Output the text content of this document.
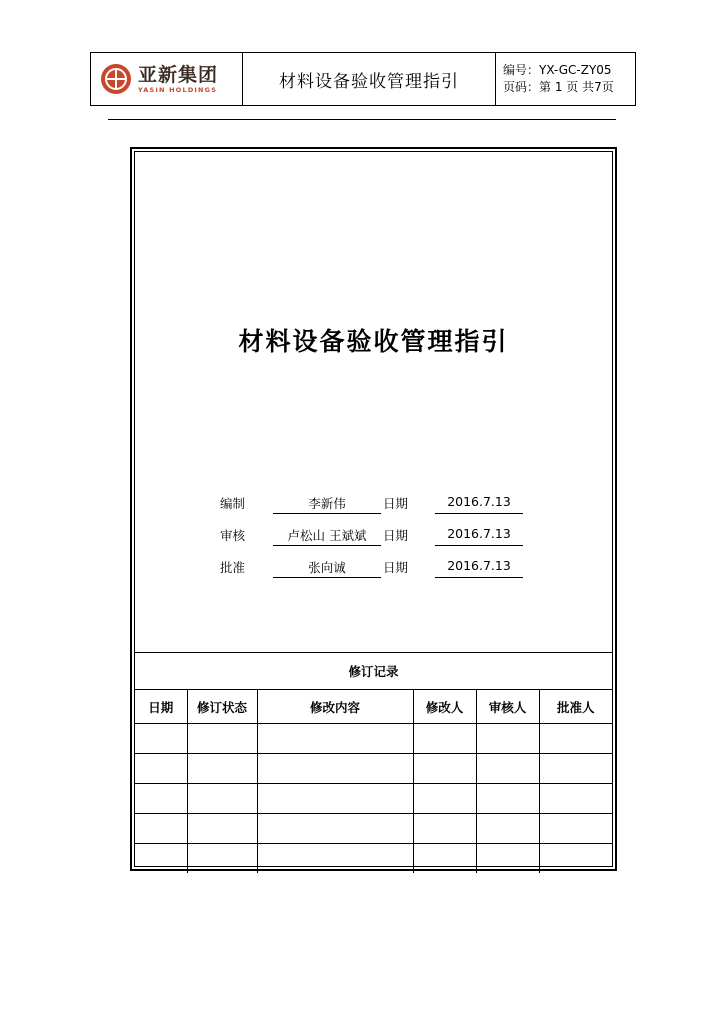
亚新集团
YASIN HOLDINGS	材料设备验收管理指引
编号：YX-GC-ZY05
页码：第 1 页 共7页
材料设备验收管理指引
编制	李新伟	日期	2016.7.13
审核	卢松山 王斌斌	日期	2016.7.13
批准	张向诚	日期	2016.7.13
修订记录
日期	修订状态	修改内容	修改人	审核人	批准人
